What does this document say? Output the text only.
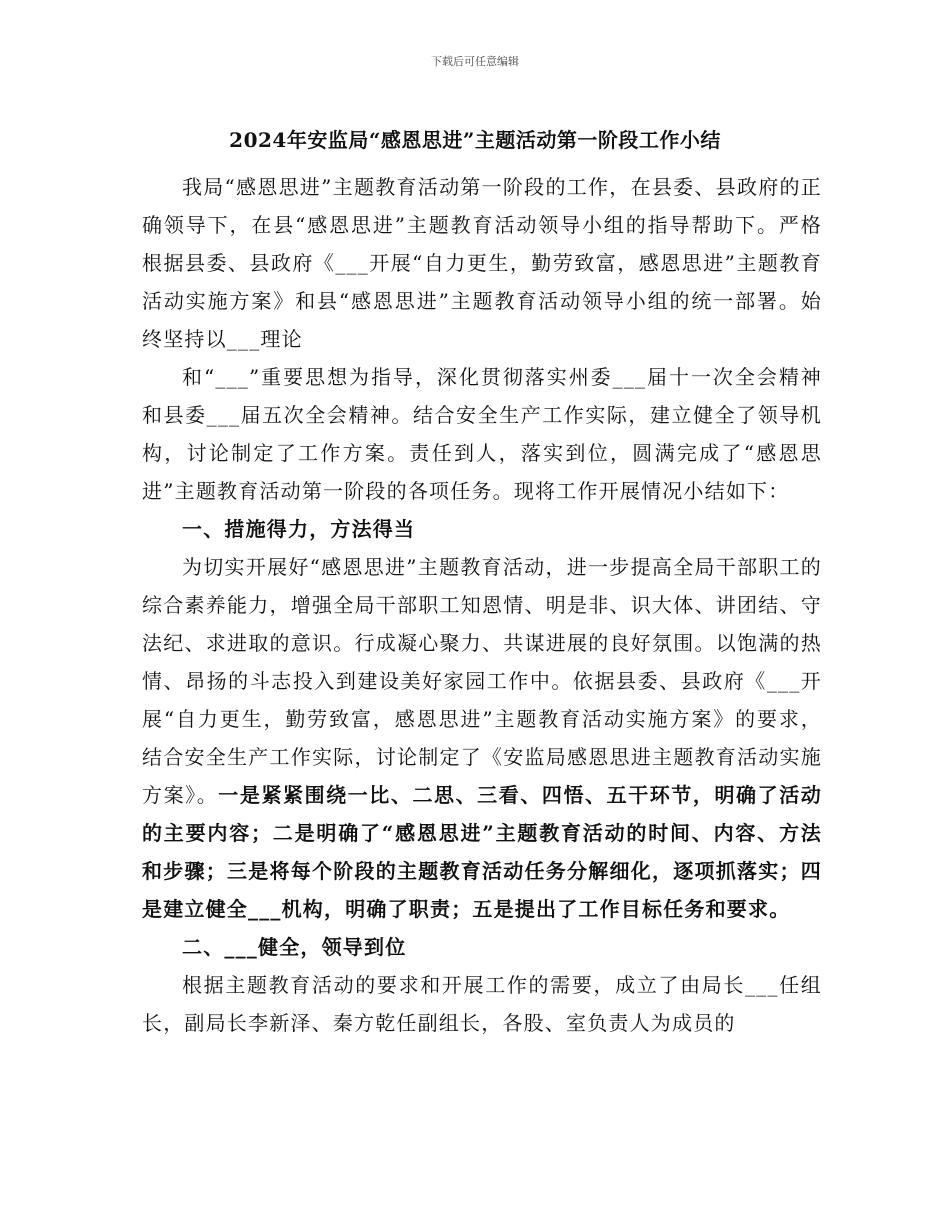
下载后可任意编辑
2024年安监局“感恩思进”主题活动第一阶段工作小结

我局“感恩思进”主题教育活动第一阶段的工作，在县委、县政府的正确领导下，在县“感恩思进”主题教育活动领导小组的指导帮助下。严格根据县委、县政府《___开展“自力更生，勤劳致富，感恩思进”主题教育活动实施方案》和县“感恩思进”主题教育活动领导小组的统一部署。始终坚持以___理论

和“___”重要思想为指导，深化贯彻落实州委___届十一次全会精神和县委___届五次全会精神。结合安全生产工作实际，建立健全了领导机构，讨论制定了工作方案。责任到人，落实到位，圆满完成了“感恩思进”主题教育活动第一阶段的各项任务。现将工作开展情况小结如下：

一、措施得力，方法得当

为切实开展好“感恩思进”主题教育活动，进一步提高全局干部职工的综合素养能力，增强全局干部职工知恩情、明是非、识大体、讲团结、守法纪、求进取的意识。行成凝心聚力、共谋进展的良好氛围。以饱满的热情、昂扬的斗志投入到建设美好家园工作中。依据县委、县政府《___开展“自力更生，勤劳致富，感恩思进”主题教育活动实施方案》的要求，结合安全生产工作实际，讨论制定了《安监局感恩思进主题教育活动实施方案》。一是紧紧围绕一比、二思、三看、四悟、五干环节，明确了活动的主要内容；二是明确了“感恩思进”主题教育活动的时间、内容、方法和步骤；三是将每个阶段的主题教育活动任务分解细化，逐项抓落实；四是建立健全___机构，明确了职责；五是提出了工作目标任务和要求。

二、___健全，领导到位

根据主题教育活动的要求和开展工作的需要，成立了由局长___任组长，副局长李新泽、秦方乾任副组长，各股、室负责人为成员的
